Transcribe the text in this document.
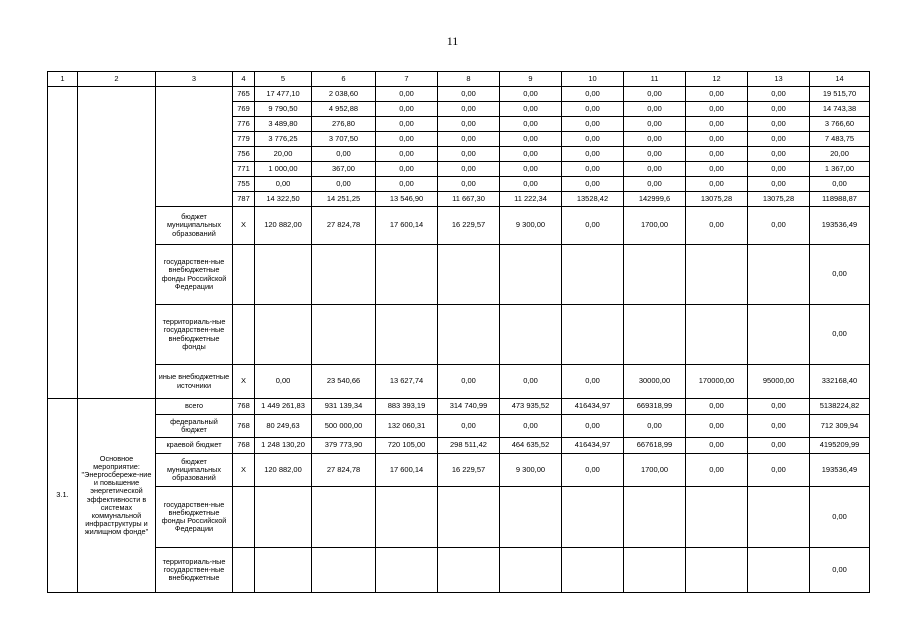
11
1	2	3	4	5	6	7	8	9	10	11	12	13	14
			765	17 477,10	2 038,60	0,00	0,00	0,00	0,00	0,00	0,00	0,00	19 515,70
			769	9 790,50	4 952,88	0,00	0,00	0,00	0,00	0,00	0,00	0,00	14 743,38
			776	3 489,80	276,80	0,00	0,00	0,00	0,00	0,00	0,00	0,00	3 766,60
			779	3 776,25	3 707,50	0,00	0,00	0,00	0,00	0,00	0,00	0,00	7 483,75
			756	20,00	0,00	0,00	0,00	0,00	0,00	0,00	0,00	0,00	20,00
			771	1 000,00	367,00	0,00	0,00	0,00	0,00	0,00	0,00	0,00	1 367,00
			755	0,00	0,00	0,00	0,00	0,00	0,00	0,00	0,00	0,00	0,00
			787	14 322,50	14 251,25	13 546,90	11 667,30	11 222,34	13528,42	142999,6	13075,28	13075,28	118988,87
		бюджет муниципальных образований	X	120 882,00	27 824,78	17 600,14	16 229,57	9 300,00	0,00	1700,00	0,00	0,00	193536,49
		государствен-ные внебюджетные фонды Российской Федерации											0,00
		территориаль-ные государствен-ные внебюджетные фонды											0,00
		иные внебюджетные источники	X	0,00	23 540,66	13 627,74	0,00	0,00	0,00	30000,00	170000,00	95000,00	332168,40
3.1.	Основное мероприятие: "Энергосбереже-ние и повышение энергетической эффективности в системах коммунальной инфраструктуры и жилищном фонде"	всего	768	1 449 261,83	931 139,34	883 393,19	314 740,99	473 935,52	416434,97	669318,99	0,00	0,00	5138224,82
		федеральный бюджет	768	80 249,63	500 000,00	132 060,31	0,00	0,00	0,00	0,00	0,00	0,00	712 309,94
		краевой бюджет	768	1 248 130,20	379 773,90	720 105,00	298 511,42	464 635,52	416434,97	667618,99	0,00	0,00	4195209,99
		бюджет муниципальных образований	X	120 882,00	27 824,78	17 600,14	16 229,57	9 300,00	0,00	1700,00	0,00	0,00	193536,49
		государствен-ные внебюджетные фонды Российской Федерации											0,00
		территориаль-ные государствен-ные внебюджетные											0,00
